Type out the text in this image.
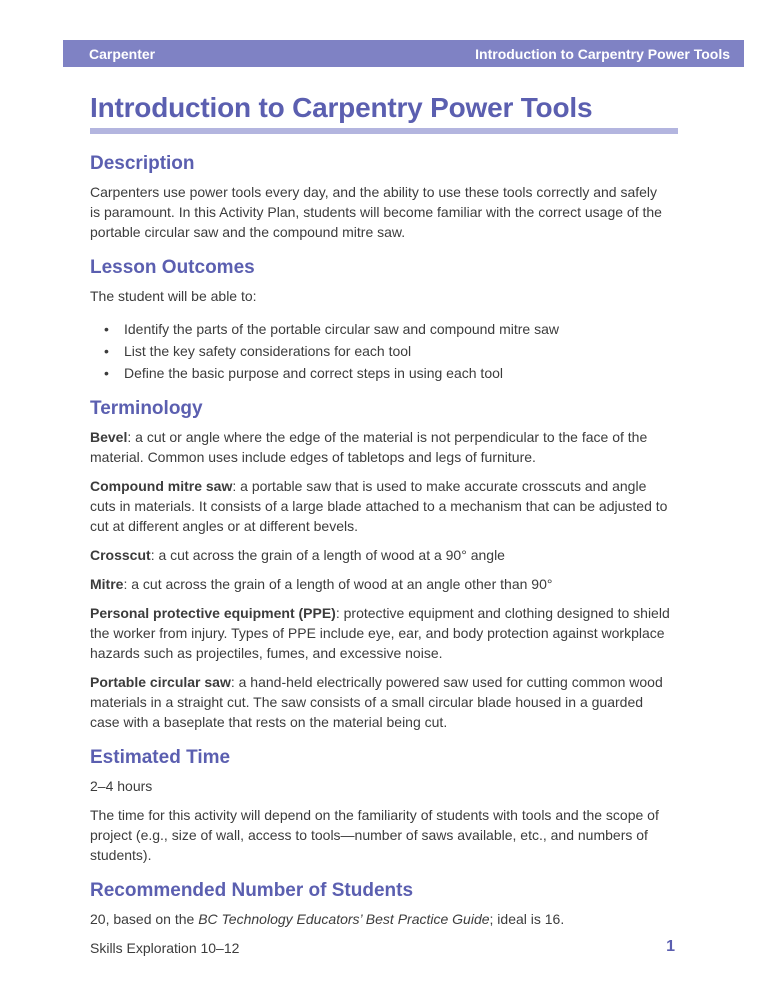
Carpenter	Introduction to Carpentry Power Tools
Introduction to Carpentry Power Tools
Description

Carpenters use power tools every day, and the ability to use these tools correctly and safely is paramount. In this Activity Plan, students will become familiar with the correct usage of the portable circular saw and the compound mitre saw.

Lesson Outcomes

The student will be able to:

• Identify the parts of the portable circular saw and compound mitre saw
• List the key safety considerations for each tool
• Define the basic purpose and correct steps in using each tool
Terminology

Bevel: a cut or angle where the edge of the material is not perpendicular to the face of the material. Common uses include edges of tabletops and legs of furniture.

Compound mitre saw: a portable saw that is used to make accurate crosscuts and angle cuts in materials. It consists of a large blade attached to a mechanism that can be adjusted to cut at different angles or at different bevels.

Crosscut: a cut across the grain of a length of wood at a 90° angle

Mitre: a cut across the grain of a length of wood at an angle other than 90°

Personal protective equipment (PPE): protective equipment and clothing designed to shield the worker from injury. Types of PPE include eye, ear, and body protection against workplace hazards such as projectiles, fumes, and excessive noise.

Portable circular saw: a hand-held electrically powered saw used for cutting common wood materials in a straight cut. The saw consists of a small circular blade housed in a guarded case with a baseplate that rests on the material being cut.

Estimated Time

2–4 hours

The time for this activity will depend on the familiarity of students with tools and the scope of project (e.g., size of wall, access to tools—number of saws available, etc., and numbers of students).

Recommended Number of Students

20, based on the BC Technology Educators’ Best Practice Guide; ideal is 16.

Skills Exploration 10–12	1
